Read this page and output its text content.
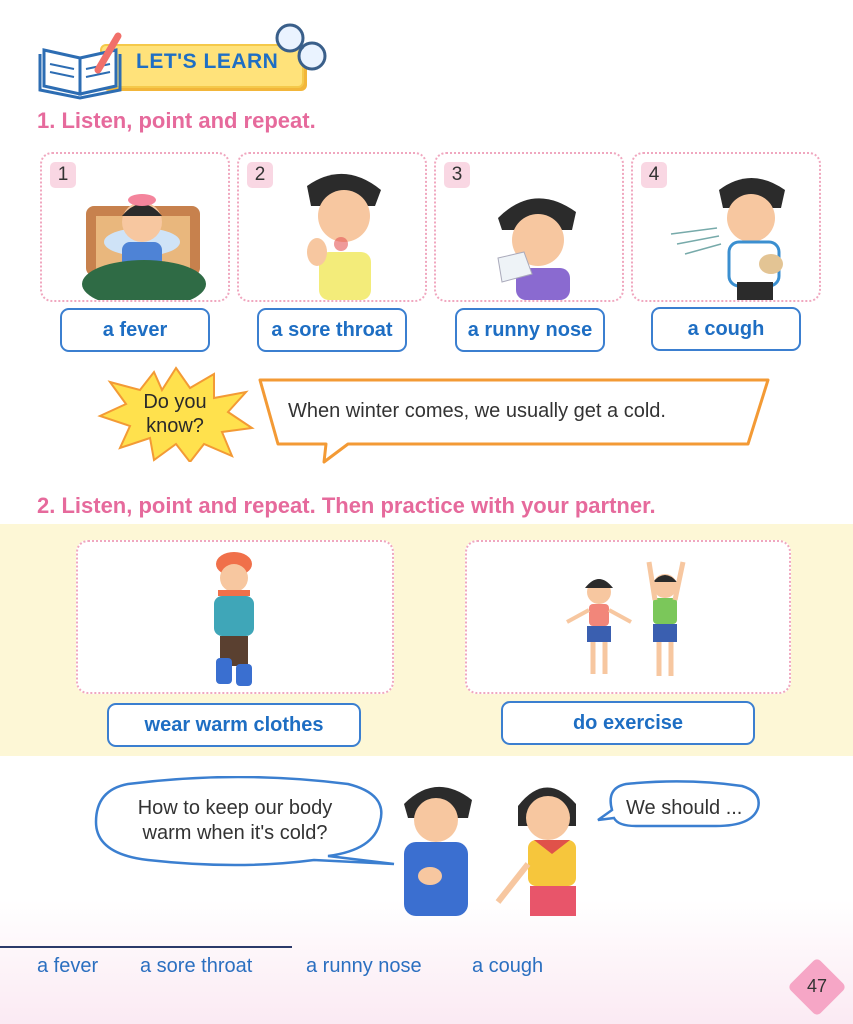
LET'S LEARN
1. Listen, point and repeat.
1
a fever
2
a sore throat
3
a runny nose
4
a cough
Do you know?
When winter comes, we usually get a cold.
2. Listen, point and repeat. Then practice with your partner.
wear warm clothes	do exercise
How to keep our body warm when it's cold?
We should ...
a fever a sore throat	a runny nose	a cough
47
